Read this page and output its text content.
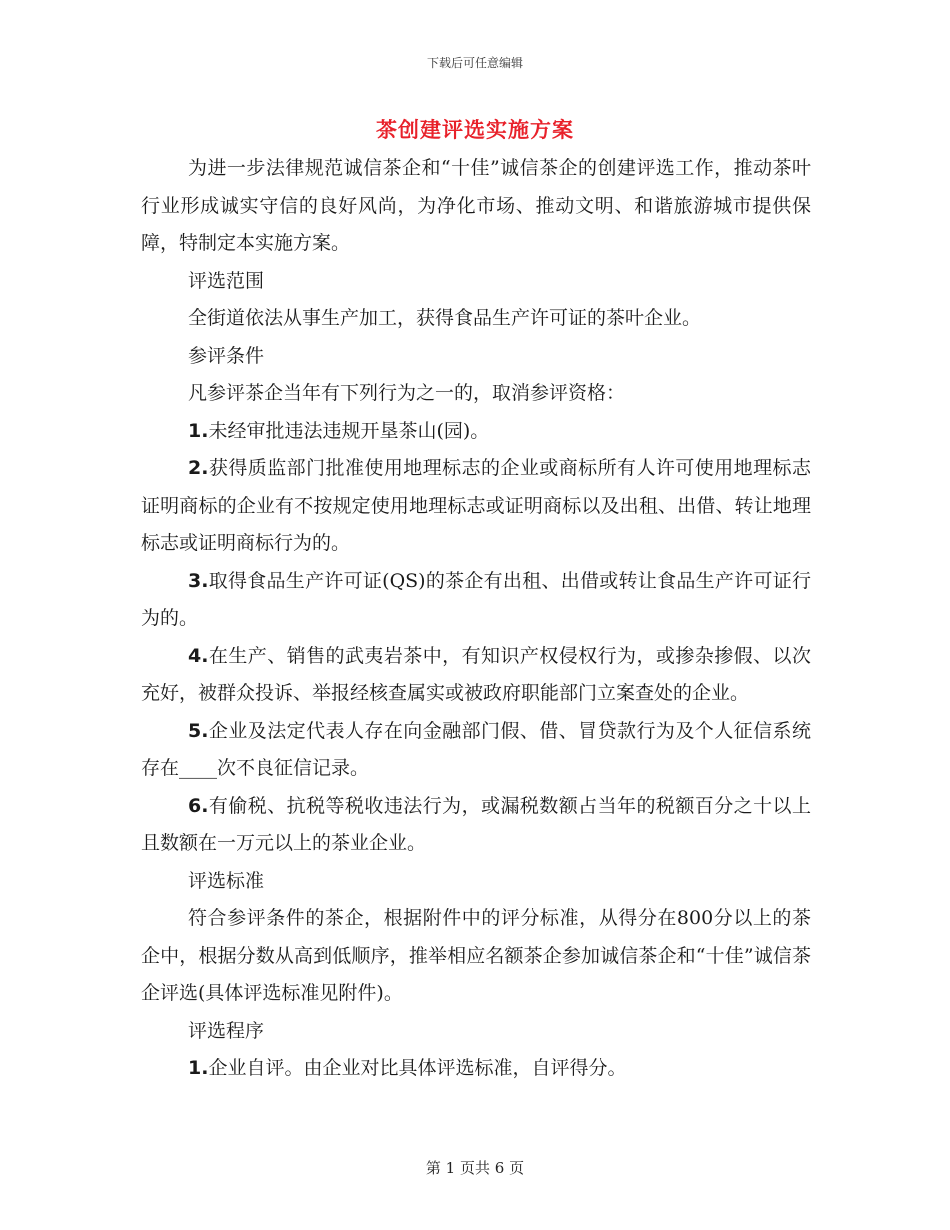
下载后可任意编辑
茶创建评选实施方案

为进一步法律规范诚信茶企和“十佳”诚信茶企的创建评选工作，推动茶叶行业形成诚实守信的良好风尚，为净化市场、推动文明、和谐旅游城市提供保障，特制定本实施方案。

评选范围

全街道依法从事生产加工，获得食品生产许可证的茶叶企业。

参评条件

凡参评茶企当年有下列行为之一的，取消参评资格：

1.未经审批违法违规开垦茶山(园)。

2.获得质监部门批准使用地理标志的企业或商标所有人许可使用地理标志证明商标的企业有不按规定使用地理标志或证明商标以及出租、出借、转让地理标志或证明商标行为的。

3.取得食品生产许可证(QS)的茶企有出租、出借或转让食品生产许可证行为的。

4.在生产、销售的武夷岩茶中，有知识产权侵权行为，或掺杂掺假、以次充好，被群众投诉、举报经核查属实或被政府职能部门立案查处的企业。

5.企业及法定代表人存在向金融部门假、借、冒贷款行为及个人征信系统存在____次不良征信记录。

6.有偷税、抗税等税收违法行为，或漏税数额占当年的税额百分之十以上且数额在一万元以上的茶业企业。

评选标准

符合参评条件的茶企，根据附件中的评分标准，从得分在800分以上的茶企中，根据分数从高到低顺序，推举相应名额茶企参加诚信茶企和“十佳”诚信茶企评选(具体评选标准见附件)。

评选程序

1.企业自评。由企业对比具体评选标准，自评得分。

第 1 页共 6 页
